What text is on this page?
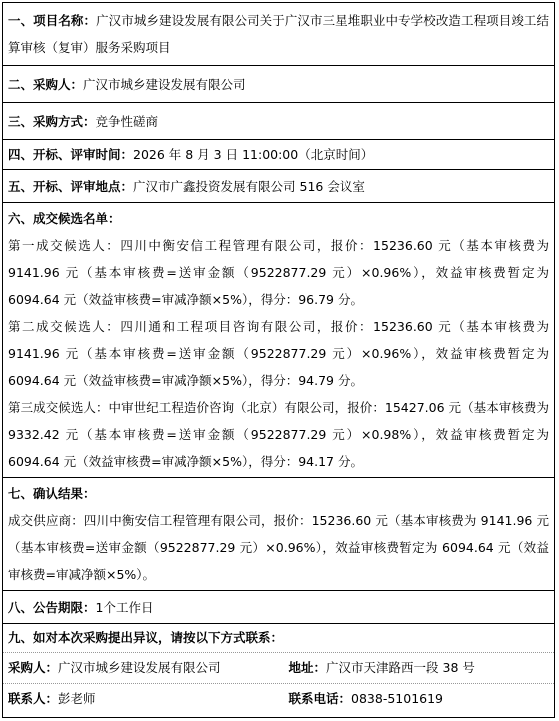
一、项目名称：广汉市城乡建设发展有限公司关于广汉市三星堆职业中专学校改造工程项目竣工结算审核（复审）服务采购项目

二、采购人：广汉市城乡建设发展有限公司
三、采购方式：竞争性磋商
四、开标、评审时间：2026 年 8 月 3 日 11:00:00（北京时间）
五、开标、评审地点：广汉市广鑫投资发展有限公司 516 会议室
六、成交候选名单：

第一成交候选人：四川中衡安信工程管理有限公司，报价：15236.60 元（基本审核费为 9141.96 元（基本审核费=送审金额（9522877.29 元）×0.96%），效益审核费暂定为 6094.64 元（效益审核费=审减净额×5%），得分：96.79 分。

第二成交候选人：四川通和工程项目咨询有限公司，报价：15236.60 元（基本审核费为 9141.96 元（基本审核费=送审金额（9522877.29 元）×0.96%），效益审核费暂定为 6094.64 元（效益审核费=审减净额×5%），得分：94.79 分。

第三成交候选人：中审世纪工程造价咨询（北京）有限公司，报价：15427.06 元（基本审核费为 9332.42 元（基本审核费=送审金额（9522877.29 元）×0.98%），效益审核费暂定为 6094.64 元（效益审核费=审减净额×5%），得分：94.17 分。

七、确认结果：

成交供应商：四川中衡安信工程管理有限公司，报价：15236.60 元（基本审核费为 9141.96 元（基本审核费=送审金额（9522877.29 元）×0.96%），效益审核费暂定为 6094.64 元（效益审核费=审减净额×5%）。

八、公告期限：1个工作日
九、如对本次采购提出异议，请按以下方式联系：
采购人：广汉市城乡建设发展有限公司	地址：广汉市天津路西一段 38 号
联系人：彭老师	联系电话：0838-5101619
